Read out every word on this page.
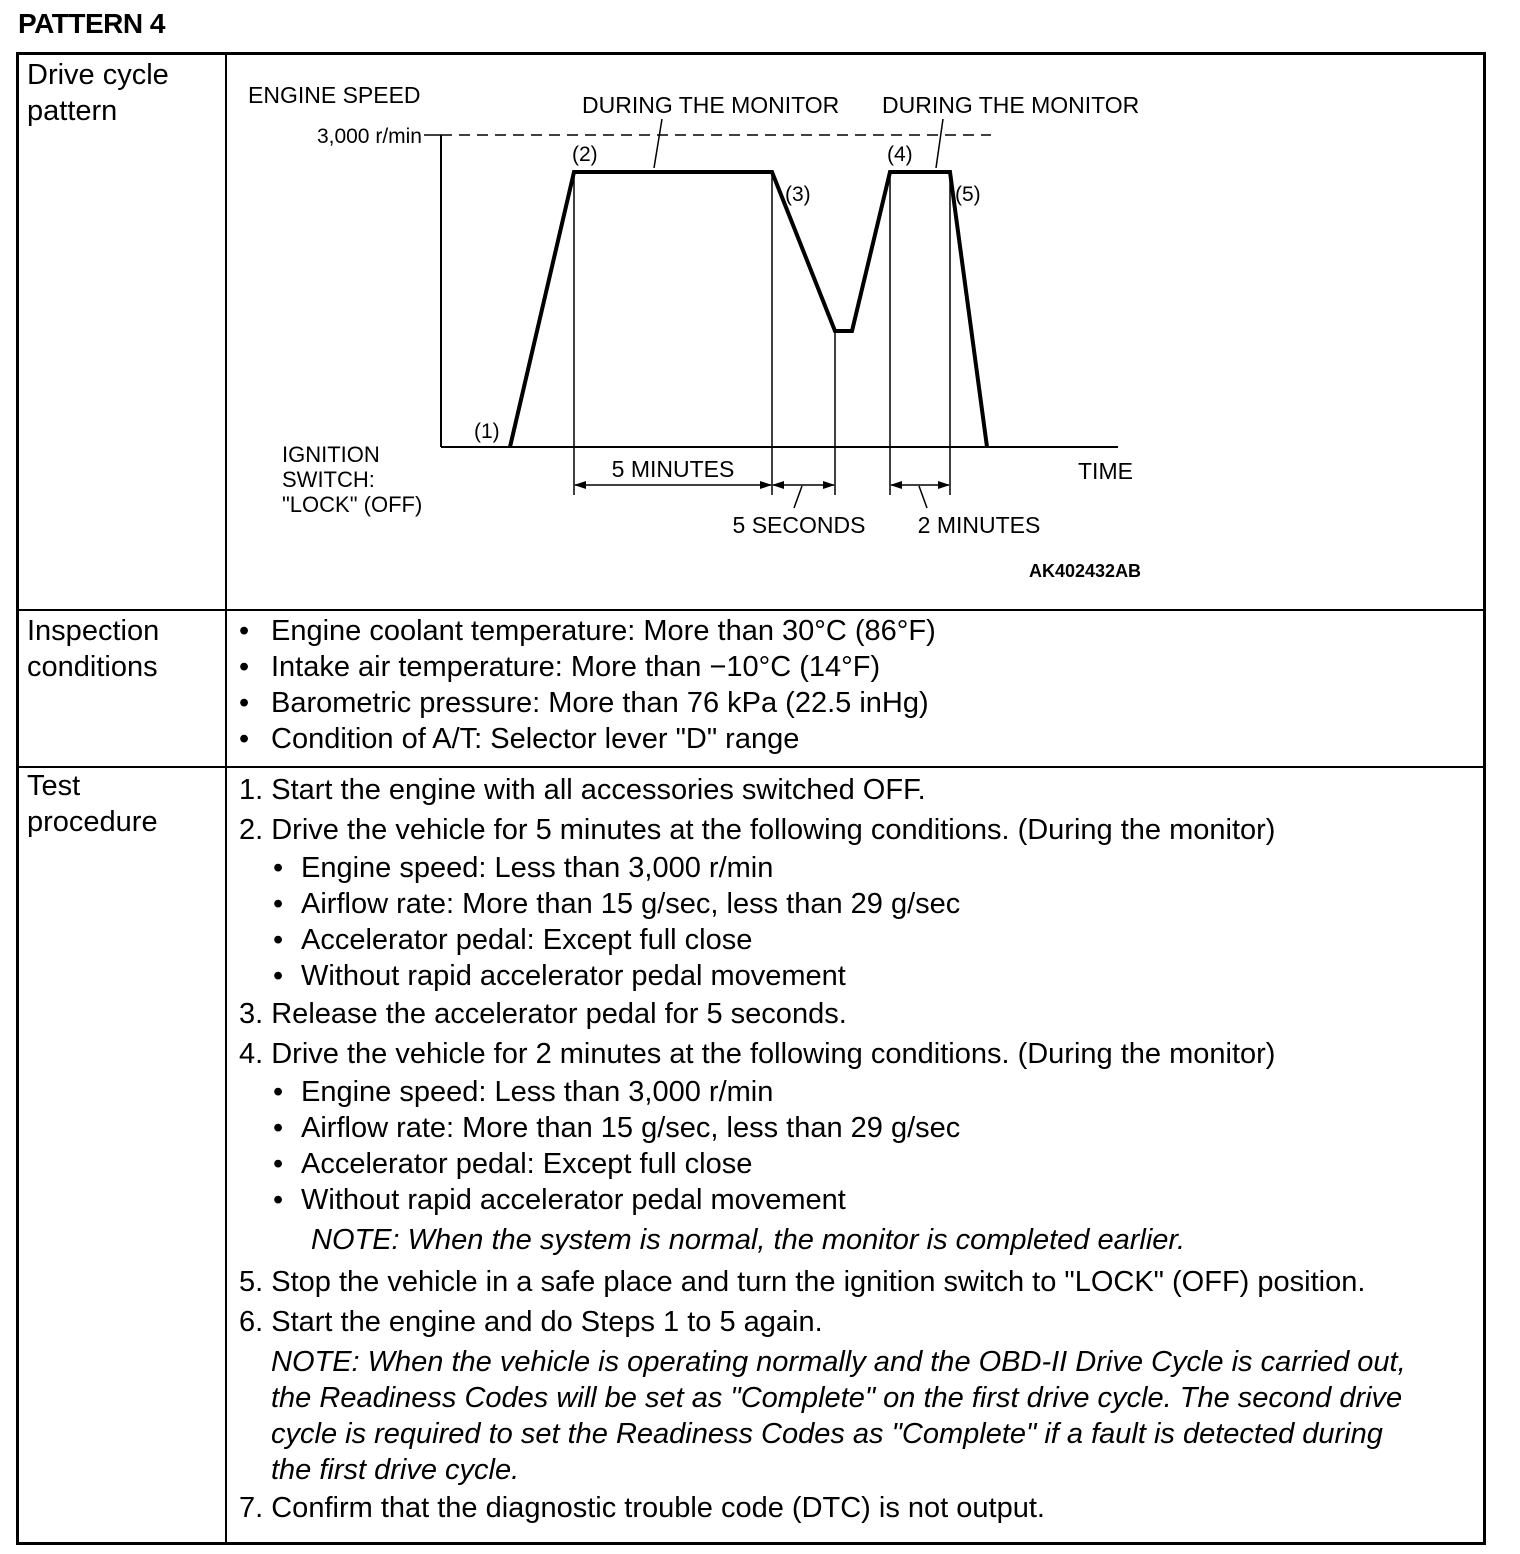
PATTERN 4
Drive cycle
pattern	ENGINE SPEED
3,000 r/min
DURING THE MONITOR DURING THE MONITOR
(1)
(2)
(3)
(4)
(5)
IGNITION
SWITCH:
"LOCK" (OFF)
TIME
5 MINUTES
5 SECONDS 2 MINUTES
AK402432AB
Inspection
conditions
• Engine coolant temperature: More than 30°C (86°F)
• Intake air temperature: More than −10°C (14°F)
• Barometric pressure: More than 76 kPa (22.5 inHg)
• Condition of A/T: Selector lever "D" range
Test
procedure
1. Start the engine with all accessories switched OFF.
2. Drive the vehicle for 5 minutes at the following conditions. (During the monitor)
• Engine speed: Less than 3,000 r/min
• Airflow rate: More than 15 g/sec, less than 29 g/sec
• Accelerator pedal: Except full close
• Without rapid accelerator pedal movement
3. Release the accelerator pedal for 5 seconds.
4. Drive the vehicle for 2 minutes at the following conditions. (During the monitor)
• Engine speed: Less than 3,000 r/min
• Airflow rate: More than 15 g/sec, less than 29 g/sec
• Accelerator pedal: Except full close
• Without rapid accelerator pedal movement
NOTE: When the system is normal, the monitor is completed earlier.
5. Stop the vehicle in a safe place and turn the ignition switch to "LOCK" (OFF) position.
6. Start the engine and do Steps 1 to 5 again.
NOTE: When the vehicle is operating normally and the OBD-II Drive Cycle is carried out,
the Readiness Codes will be set as "Complete" on the first drive cycle. The second drive
cycle is required to set the Readiness Codes as "Complete" if a fault is detected during
the first drive cycle.
7. Confirm that the diagnostic trouble code (DTC) is not output.
